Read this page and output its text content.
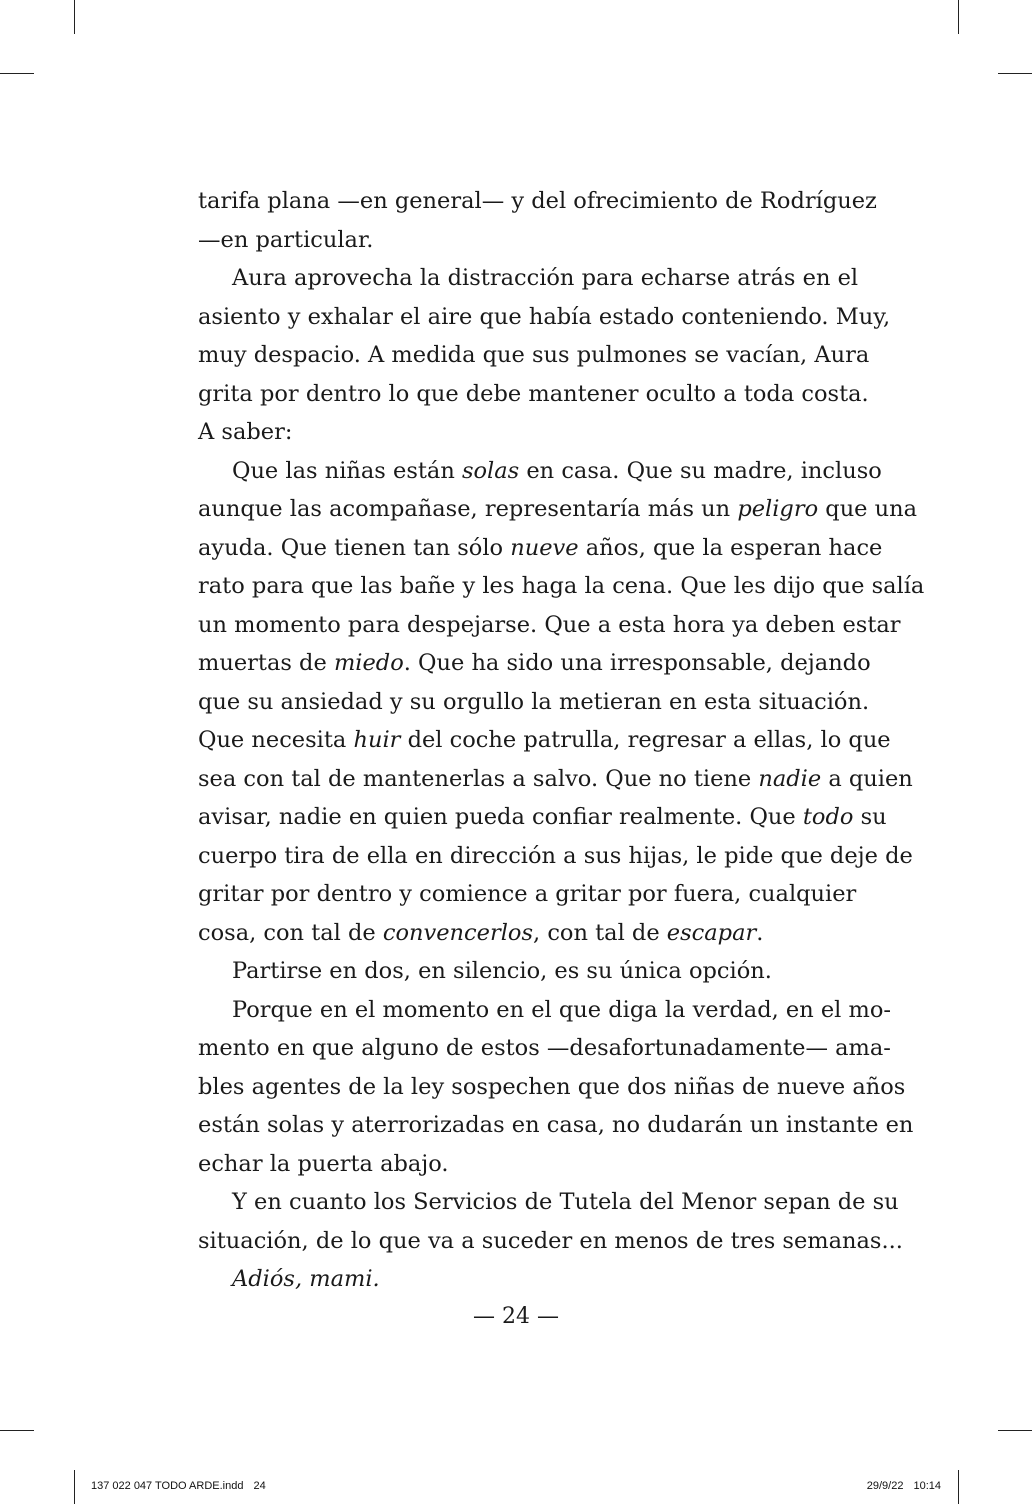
tarifa plana —en general— y del ofrecimiento de Rodríguez
—en particular.
Aura aprovecha la distracción para echarse atrás en el
asiento y exhalar el aire que había estado conteniendo. Muy,
muy despacio. A medida que sus pulmones se vacían, Aura
grita por dentro lo que debe mantener oculto a toda costa.
A saber:
Que las niñas están solas en casa. Que su madre, incluso
aunque las acompañase, representaría más un peligro que una
ayuda. Que tienen tan sólo nueve años, que la esperan hace
rato para que las bañe y les haga la cena. Que les dijo que salía
un momento para despejarse. Que a esta hora ya deben estar
muertas de miedo. Que ha sido una irresponsable, dejando
que su ansiedad y su orgullo la metieran en esta situación.
Que necesita huir del coche patrulla, regresar a ellas, lo que
sea con tal de mantenerlas a salvo. Que no tiene nadie a quien
avisar, nadie en quien pueda confiar realmente. Que todo su
cuerpo tira de ella en dirección a sus hijas, le pide que deje de
gritar por dentro y comience a gritar por fuera, cualquier
cosa, con tal de convencerlos, con tal de escapar.
Partirse en dos, en silencio, es su única opción.
Porque en el momento en el que diga la verdad, en el mo-
mento en que alguno de estos —desafortunadamente— ama-
bles agentes de la ley sospechen que dos niñas de nueve años
están solas y aterrorizadas en casa, no dudarán un instante en
echar la puerta abajo.
Y en cuanto los Servicios de Tutela del Menor sepan de su
situación, de lo que va a suceder en menos de tres semanas...
Adiós, mami.
— 24 —
137 022 047 TODO ARDE.indd 24	29/9/22 10:14
